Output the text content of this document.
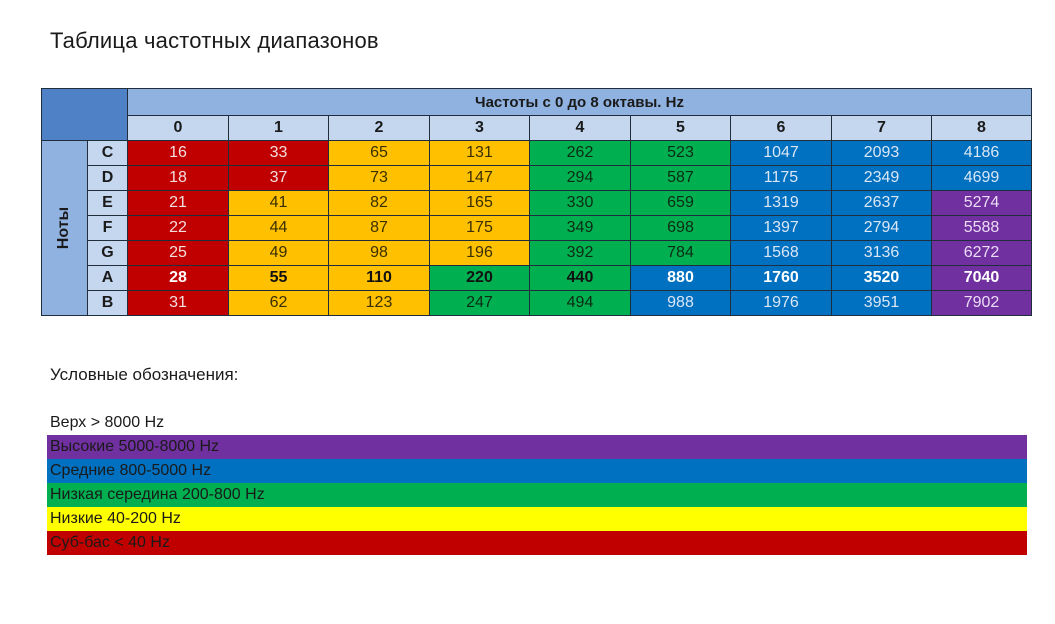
Таблица частотных диапазонов
		Частоты с 0 до 8 октавы. Hz								
		0	1	2	3	4	5	6	7	8
Ноты	C	16	33	65	131	262	523	1047	2093	4186
	D	18	37	73	147	294	587	1175	2349	4699
	E	21	41	82	165	330	659	1319	2637	5274
	F	22	44	87	175	349	698	1397	2794	5588
	G	25	49	98	196	392	784	1568	3136	6272
	A	28	55	110	220	440	880	1760	3520	7040
	B	31	62	123	247	494	988	1976	3951	7902
Условные обозначения:
Верх > 8000 Hz
Высокие 5000-8000 Hz
Средние 800-5000 Hz
Низкая середина 200-800 Hz
Низкие 40-200 Hz
Суб-бас < 40 Hz
